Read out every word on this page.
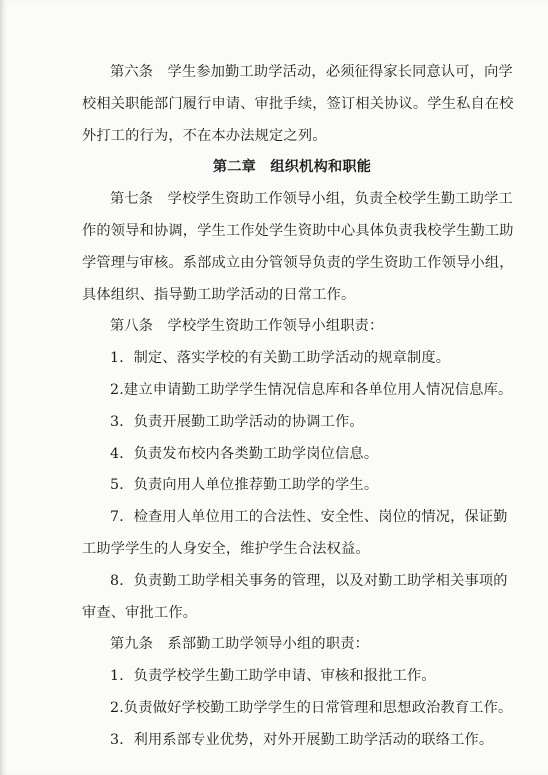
第六条　学生参加勤工助学活动，必须征得家长同意认可，向学
校相关职能部门履行申请、审批手续，签订相关协议。学生私自在校
外打工的行为，不在本办法规定之列。
第二章　组织机构和职能
第七条　学校学生资助工作领导小组，负责全校学生勤工助学工
作的领导和协调，学生工作处学生资助中心具体负责我校学生勤工助
学管理与审核。系部成立由分管领导负责的学生资助工作领导小组，
具体组织、指导勤工助学活动的日常工作。
第八条　学校学生资助工作领导小组职责：
1．制定、落实学校的有关勤工助学活动的规章制度。
2.建立申请勤工助学学生情况信息库和各单位用人情况信息库。
3．负责开展勤工助学活动的协调工作。
4．负责发布校内各类勤工助学岗位信息。
5．负责向用人单位推荐勤工助学的学生。
7．检查用人单位用工的合法性、安全性、岗位的情况，保证勤
工助学学生的人身安全，维护学生合法权益。
8．负责勤工助学相关事务的管理，以及对勤工助学相关事项的
审查、审批工作。
第九条　系部勤工助学领导小组的职责：
1．负责学校学生勤工助学申请、审核和报批工作。
2.负责做好学校勤工助学学生的日常管理和思想政治教育工作。
3．利用系部专业优势，对外开展勤工助学活动的联络工作。
